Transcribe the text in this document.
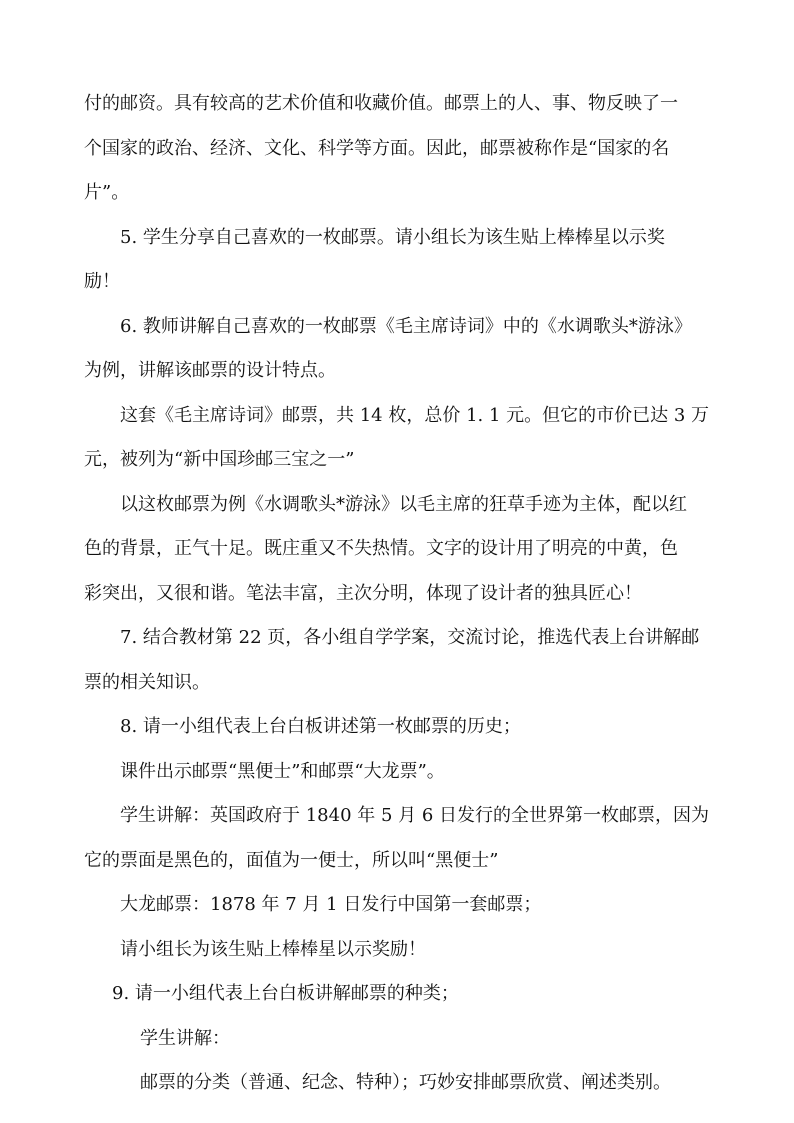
付的邮资。具有较高的艺术价值和收藏价值。邮票上的人、事、物反映了一
个国家的政治、经济、文化、科学等方面。因此，邮票被称作是“国家的名
片”。
5. 学生分享自己喜欢的一枚邮票。请小组长为该生贴上棒棒星以示奖
励！
6. 教师讲解自己喜欢的一枚邮票《毛主席诗词》中的《水调歌头*游泳》
为例，讲解该邮票的设计特点。
这套《毛主席诗词》邮票，共 14 枚，总价 1. 1 元。但它的市价已达 3 万
元，被列为“新中国珍邮三宝之一”
以这枚邮票为例《水调歌头*游泳》以毛主席的狂草手迹为主体，配以红
色的背景，正气十足。既庄重又不失热情。文字的设计用了明亮的中黄，色
彩突出，又很和谐。笔法丰富，主次分明，体现了设计者的独具匠心！
7. 结合教材第 22 页，各小组自学学案，交流讨论，推选代表上台讲解邮
票的相关知识。
8. 请一小组代表上台白板讲述第一枚邮票的历史；
课件出示邮票“黑便士”和邮票“大龙票”。
学生讲解：英国政府于 1840 年 5 月 6 日发行的全世界第一枚邮票，因为
它的票面是黑色的，面值为一便士，所以叫“黑便士”
大龙邮票：1878 年 7 月 1 日发行中国第一套邮票；
请小组长为该生贴上棒棒星以示奖励！
9. 请一小组代表上台白板讲解邮票的种类；
学生讲解：
邮票的分类（普通、纪念、特种）；巧妙安排邮票欣赏、阐述类别。
